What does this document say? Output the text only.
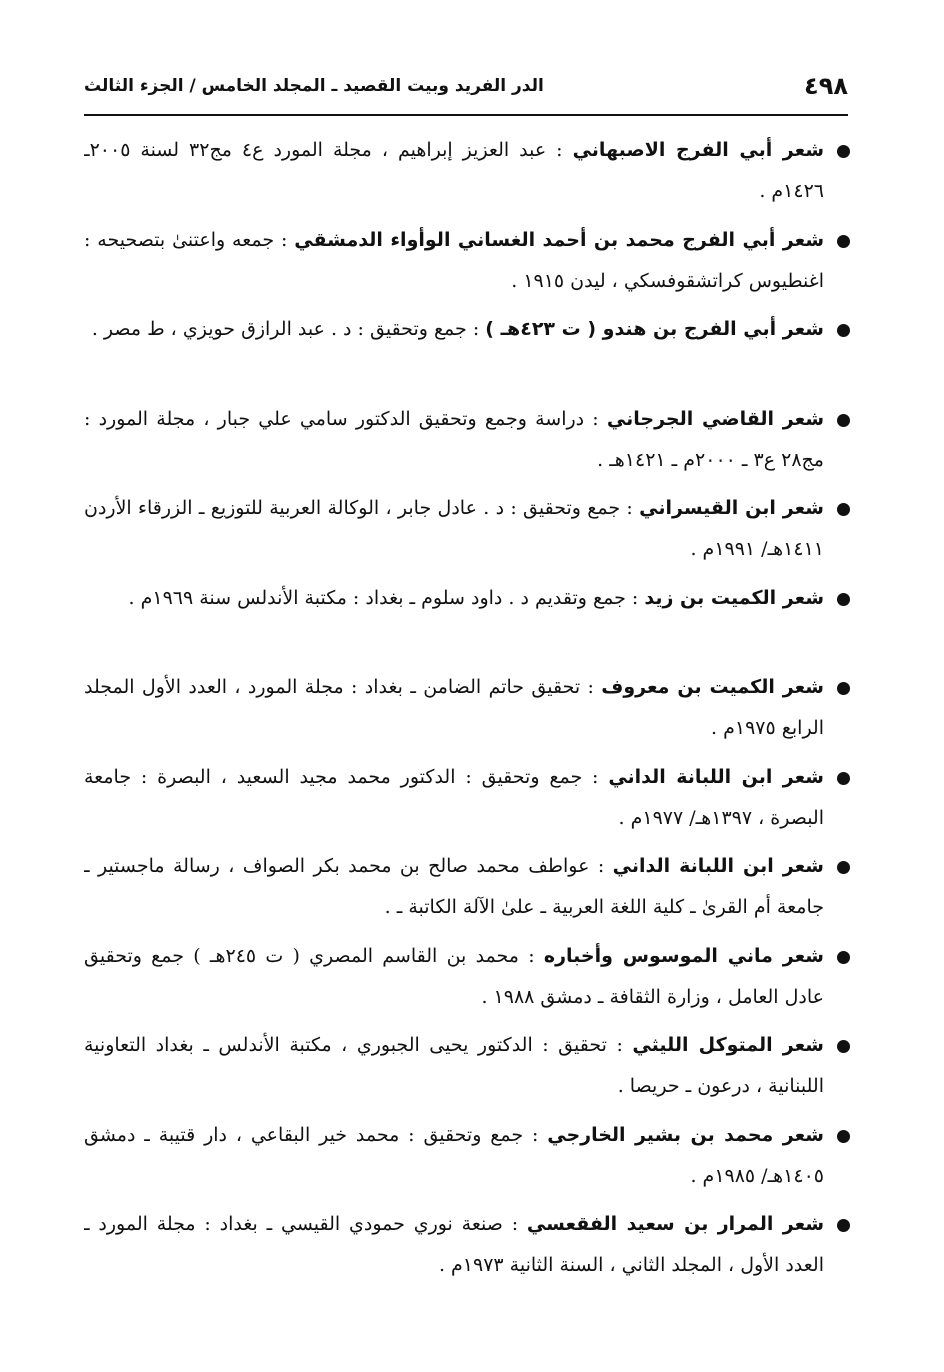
٤٩٨
الدر الفريد وبيت القصيد ـ المجلد الخامس / الجزء الثالث
شعر أبي الفرج الاصبهاني : عبد العزيز إبراهيم ، مجلة المورد ع٤ مج٣٢ لسنة ٢٠٠٥ـ ١٤٢٦م .
شعر أبي الفرج محمد بن أحمد الغساني الوأواء الدمشقي : جمعه واعتنىٰ بتصحيحه : اغنطيوس كراتشقوفسكي ، ليدن ١٩١٥ .
شعر أبي الفرج بن هندو ( ت ٤٢٣هـ ) : جمع وتحقيق : د . عبد الرازق حويزي ، ط مصر .
شعر القاضي الجرجاني : دراسة وجمع وتحقيق الدكتور سامي علي جبار ، مجلة المورد : مج٢٨ ع٣ ـ ٢٠٠٠م ـ ١٤٢١هـ .
شعر ابن القيسراني : جمع وتحقيق : د . عادل جابر ، الوكالة العربية للتوزيع ـ الزرقاء الأردن ١٤١١هـ/ ١٩٩١م .
شعر الكميت بن زيد : جمع وتقديم د . داود سلوم ـ بغداد : مكتبة الأندلس سنة ١٩٦٩م .
شعر الكميت بن معروف : تحقيق حاتم الضامن ـ بغداد : مجلة المورد ، العدد الأول المجلد الرابع ١٩٧٥م .
شعر ابن اللبانة الداني : جمع وتحقيق : الدكتور محمد مجيد السعيد ، البصرة : جامعة البصرة ، ١٣٩٧هـ/ ١٩٧٧م .
شعر ابن اللبانة الداني : عواطف محمد صالح بن محمد بكر الصواف ، رسالة ماجستير ـ جامعة أم القرىٰ ـ كلية اللغة العربية ـ علىٰ الآلة الكاتبة ـ .
شعر ماني الموسوس وأخباره : محمد بن القاسم المصري ( ت ٢٤٥هـ ) جمع وتحقيق عادل العامل ، وزارة الثقافة ـ دمشق ١٩٨٨ .
شعر المتوكل الليثي : تحقيق : الدكتور يحيى الجبوري ، مكتبة الأندلس ـ بغداد التعاونية اللبنانية ، درعون ـ حريصا .
شعر محمد بن بشير الخارجي : جمع وتحقيق : محمد خير البقاعي ، دار قتيبة ـ دمشق ١٤٠٥هـ/ ١٩٨٥م .
شعر المرار بن سعيد الفقعسي : صنعة نوري حمودي القيسي ـ بغداد : مجلة المورد ـ العدد الأول ، المجلد الثاني ، السنة الثانية ١٩٧٣م .
